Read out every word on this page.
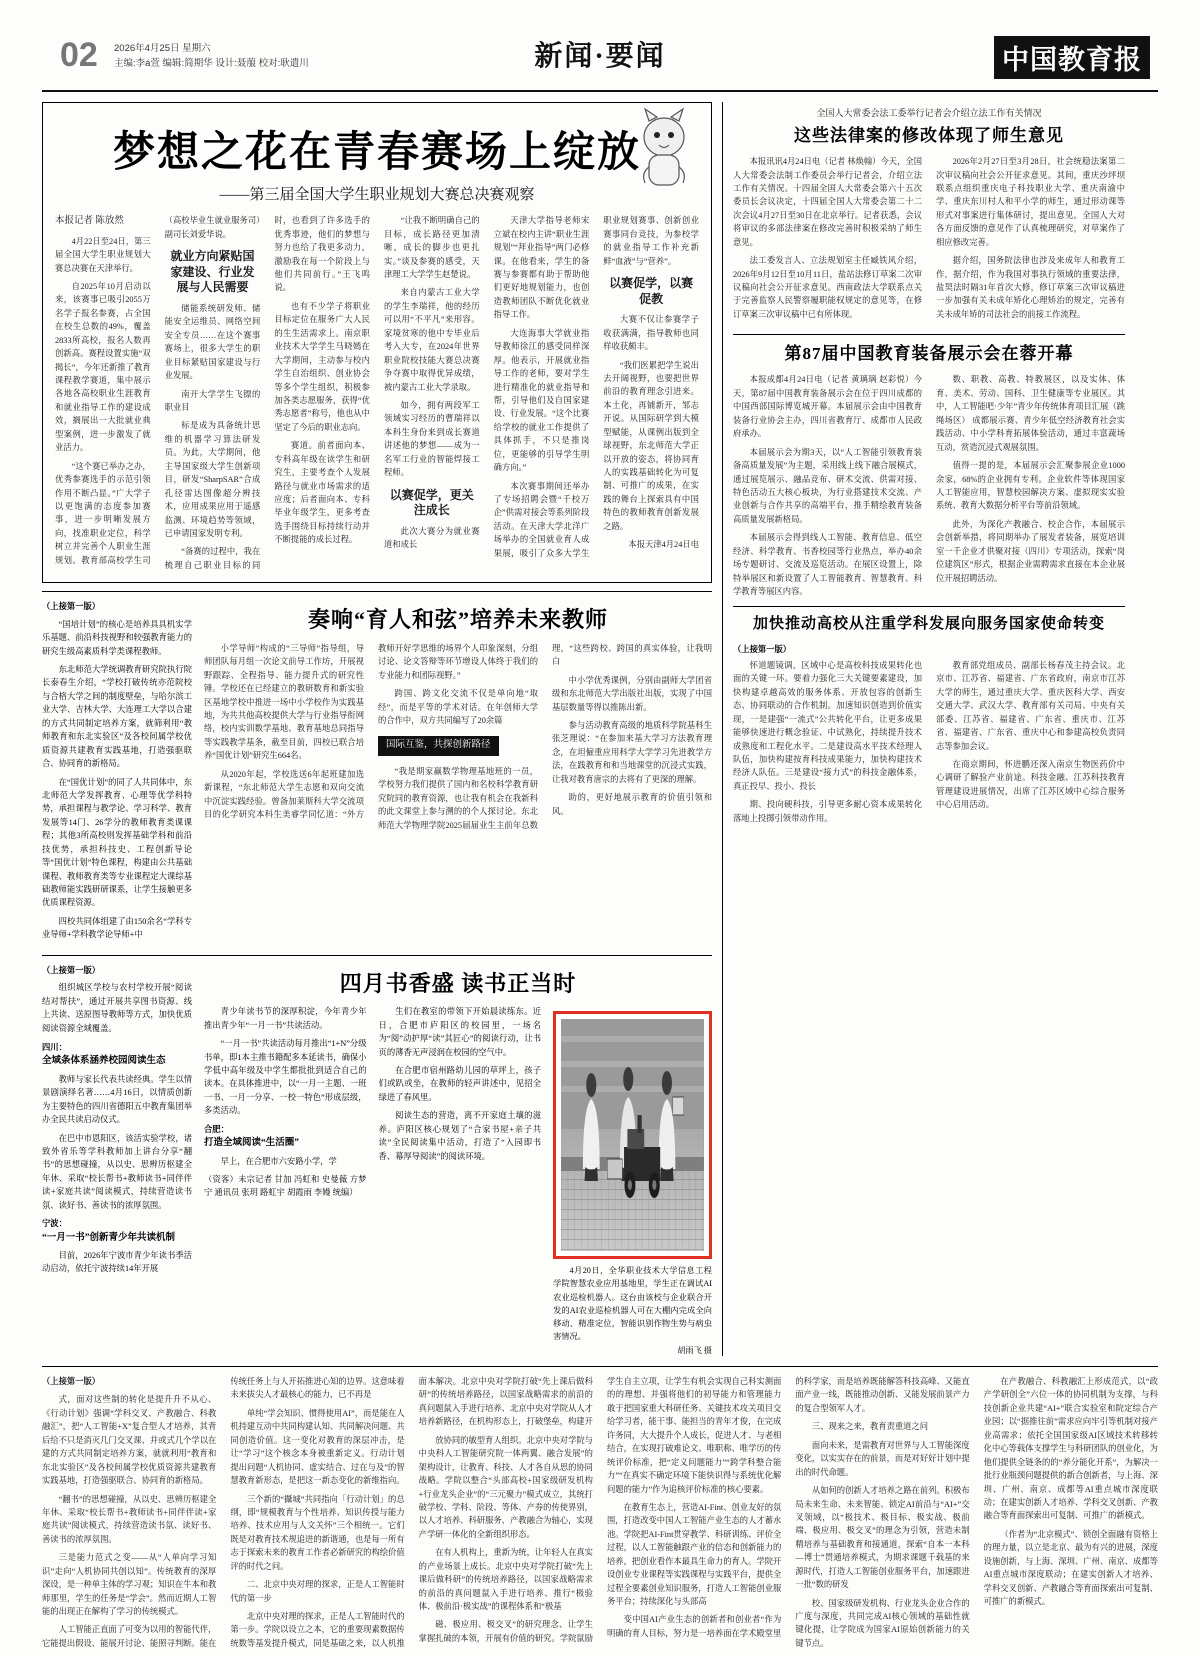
02 2026年4月25日 星期六
主编:李á萱 编辑:简期华 设计:聂菔 校对:耿遣川	新闻·要闻	中国教育报
梦想之花在青春赛场上绽放
——第三届全国大学生职业规划大赛总决赛观察

本报记者 陈放然

4月22日至24日，第三届全国大学生职业规划大赛总决赛在天津举行。

自2025年10月启动以来，该赛事已吸引2055万名学子报名参赛，占全国在校生总数的49%，覆盖2833所高校，报名人数再创新高。赛程设置实施“双揭长”，今年还新推了教育课程教学赛道，集中展示各地各高校职业生涯教育和就业指导工作的建设成效，搁展出一大批就业典型案例，进一步激发了就业活力。

“这个赛已举办之办，优秀参赛选手的示范引领作用不断凸显。”广大学子以更饱满的态度参加赛事，进一步明晰发展方向，找准职业定位，科学树立并完善个人职业生涯规划。教育部高校学生司（高校毕业生就业服务司）副司长刘爱华说。

就业方向紧贴国家建设、行业发展与人民需要

储能系统研发师、储能安全运维员、网络空间安全专员……在这个赛事赛场上，很多大学生的职业目标紧贴国家建设与行业发展。

南开大学学生飞镖的职业目

标是成为具备统计思维的机器学习算法研发员。为此，大学期间，他主导国家级大学生创新项目，研发“SharpSAR”合成孔径雷达图像超分辨技术，应用成果应用于遥感监测、环境趋势等领域，已申请国家发明专利。

“备赛的过程中，我在梳理自己职业目标的同时，也看到了许多选手的优秀事迹，他们的梦想与努力也给了我更多动力，激励我在每一个阶段上与他们共同前行。”王飞鸣说。

也有不少学子将职业目标定位在服务广大人民的生生活需求上。南京职业技术大学学生马晓嫣在大学期间，主动参与校内学生自治组织、创业协会等多个学生组织，积极参加各类志愿服务，获得“优秀志愿者”称号，他也从中坚定了今后的职业志向。

赛道。前者面向本、专科高年级在读学生和研究生，主要考查个人发展路径与就业市场需求的适应度；后者面向本、专科毕业年级学生，更多考查选手围绕目标持续行动并不断提能的成长过程。

“让我不断明确自己的目标，成长路径更加清晰，成长的脚步也更扎实。”谈及参赛的感受，天津理工大学学生赵楚说。

来自内蒙古工业大学的学生李瑞祥，他的经历可以用“不平凡”来形容。家境贫寒的他中专毕业后考入大专，在2024年世界职业院校技能大赛总决赛争夺赛中取得优异成绩，被内蒙古工业大学录取。

如今，拥有两段军工领域实习经历的曹瑞祥以本科生身份来到成长赛道讲述他的梦想——成为一名军工行业的智能焊接工程师。

以赛促学，更关注成长

此次大赛分为就业赛道和成长

天津大学指导老师宋立斌在校内主讲“职业生涯规划”“拜业指导”两门必修课。在他看来，学生的备赛与参赛都有助于帮助他们更好地规划能力，也创造教师团队不断优化就业指导工作。

大连海事大学就业指导教师徐江的感受同样深厚。他表示，开展就业指导工作的老师，要对学生进行精准化的就业指导和帮，引导他们及自国家建设、行业发展。“这个比赛给学校的就业工作提供了具体抓手，不只是推岗位，更能够的引导学生明确方向。”

本次赛事期间还举办了专场招聘会暨“千校万企”供需对接会等系列阶段活动。在天津大学北洋广场举办的全国就业育人成果展，吸引了众多大学生职业规划赛事、创新创业赛事同台竞技，为参校学的就业指导工作补充新鲜“血液”与“营养”。

以赛促学，以赛促教

大赛不仅让参赛学子收获满满，指导教师也同样收获颇丰。

“我们医累把学生说出去开阔视野，也要把世界前沿的教育理念引进来。本土化，再铺新开，邹志开说。从国际研学到大模型赋能，从课例出版到全球视野，东北师范大学正以开放的姿态，将协同育人的实践基础转化为可复制、可推广的成果，在实践的舞台上探索具有中国特色的教师教育创新发展之路。

本报天津4月24日电

（上接第一版）

“国培计划”的核心是培养具具机实学乐基题、前沿科技视野和较强教育能力的研究生级高素质科学类课程教师。

东北师范大学统调教育研究院执行院长泰春生介绍，“学校打破传统亦范院校与合格大学之间的制度壁垒，与哈尔滨工业大学、吉林大学、大连理工大学以合建的方式共同制定培养方案，就筛利用“教师教育和东北实验区”及各校间属学校优质资源共建教育实践基地，打造强驱联合、协同育的新格局。

在“国优计划”的同了人共同体中，东北师范大学发挥教育、心理等优学科特势，承担课程与教学论、学习科学、教育发展等14门、26学分的教师教育类课课程；其他3所高校则发挥基础学科和前沿技优势，承担科技史、工程创新导论等“国优计划”特色课程，构建由公共基础课程、教师教育类等专业课程定大课综基础教师能实践研研课系，让学生接触更多优质课程资源。

四校共同体组建了由150余名“学科专业导师+学科教学论导师+中

奏响“育人和弦”培养未来教师

小学导师”构成的“三导师”指导组，导师团队每月组一次论文前导工作坊，开展视野跟踪、全程指导、能力提升式的研究性锤。学校还在已经建立的教研数育和新实验区基地学校中推进一场中小学校作为实践基地，为共共他高校提供大学与行业指导衔网络，校内实训数学基地、教育基地总同指导等实践教学基条，截至目前，四校已联合培养“国优计划”研究生664名。

从2020年起，学校选送6年起班建加选新课程，“东北师范大学生志愿和双向交流中沉淀实践经验。曾备加莱斯科大学交流项目的化学研究本科生美睿学同忆道：“外方教师开好学思维的场界个人印象深刻，分组讨论、论文答辩等环节增设人体终于我们的专业能力和团际视野。”

跨国、跨文化交流不仅是单向地“取经”，而是平等的学术对话。在年创师大学的合作中，双方共同编写了20余篇

国际互鉴，共探创新路径

“我是期家赢数学物理基地班的一员，学校努力我们提供了国内和名校科学教育研究院同的教育资源，也让我有机会在我新科的此文课堂上参与溯的的个人探讨论。东北师范大学物理学院2025届届业生主前年总数理，“这些跨校、跨国的真实体验，让我明白

中小学优秀课例，分别由副师大学团省级和东北师范大学出版社出版，实现了中国基层数量等得以推陈出新。

参与活动教育高级的地质科学院基科生张芝理说：“在参加来基大学习方法教育理念，在坦僱重应用科学大学学习先进教学方法，在践教育和和当地课堂的沉浸式实践，让我对教育唐宗的去将有了更深的理解。

助的，更好地展示教育的价值引领和风。

（上接第一版）

组织城区学校与农村学校开展“阅读结对帮扶”，通过开展共享图书资源、线上共读、送原图导教师等方式，加快优质阅读资源全域覆盖。

四川：
全域条体系涵养校园阅读生态

教师与家长代表共读经典。学生以情景剧演绎名著……4月16日，以情质创新为主要特色的四川省德阳五中教育集团举办全民共读启动仪式。

在巴中市恩阳区，该活实验学校，诸致外省乐等学科教师加上讲台分享“翻书”的思想碰撞，从以史、思辨历枢建全年休、采取“校长帮书+教师读书+同伴伴读+家庭共读”阅读模式，持续营造读书氛、读好书、善读书的浓厚氛围。

宁波：
“一月一书”创新青少年共读机制

目前，2026年宁波市青少年读书季活动启动，依托宁波持续14年开展

四月书香盛 读书正当时

青少年读书节的深厚积淀，今年青少年推出青少年“一月一书”共读活动。

“一月一书”共读活动每月推出“1+N”分级书单，即1本主推书籍配多本延读书，确保小学低中高年级及中学生都批批到适合自己的读本。在具体推进中，以“一月一主题、一班一书、一月一分享、一校一特色”形成层级，多类活动。

合肥：
打造全域阅读“生活圈”

早上，在合肥市六安路小学，学

（资客）未宗记者 甘加 冯虹和 史曼薇 方梦宁 通讯员 张玥 路虹宇 胡霞雨 李嫚 统编）

生们在教室的带领下开始晨读练东。近日，合肥市庐阳区的校园里，一场名为“阅”动护厚“读”其匠心”的阅读行动，让书页的薄香无声浸润在校园的空气中。

在合肥市宿州路幼儿园的草坪上，孩子们或趴或坐，在教师的轻声讲述中，见招全绿进了春风里。

阅读生态的营造，离不开家庭土壤的滋养。庐阳区核心规划了“合家书屋+亲子共读”全民阅读集中活动，打造了“入园即书香、幕厚导阅读”的阅读环境。

4月20日，全华职业技术大学信息工程学院智慧农业应用基地里，学生正在调试AI农业巡检机器人。这台由该校与企业联合开发的AI农业巡检机器人可在大棚内完成全向移动、精准定位，智能识别作物生势与病虫害情况。
胡雨飞 摄
全国人大常委会法工委举行记者会介绍立法工作有关情况
这些法律案的修改体现了师生意见

本报讯讯4月24日电（记者 林焕翰）今天，全国人大常委会法制工作委员会举行记者会，介绍立法工作有关情况。十四届全国人大常委会第六十五次委员长会议决定，十四届全国人大常委会第二十二次会议4月27日至30日在北京举行。记者获悉，会议将审议的多部法律案在修改完善时积极采纳了师生意见。

法工委发言人、立法规划室主任臧铁风介绍，2026年9月12日至10月11日，盐站法修订草案二次审议稿向社会公开征求意见。西南政法大学联系点关于完善监察人民警察履职能权规定的意见等，在修订草案三次审议稿中已有所体现。

2026年2月27日至3月28日，社会统稳法案第二次审议稿向社会公开征求意见。其间，重庆沙坪坝联系点组织重庆电子科技职业大学、重庆南渝中学、重庆东川村人和平小学的师生，通过形动课等形式对事案进行集体研讨，提出意见。全国人大对各方面反馈的意见作了认真梳理研究，对草案作了相应修改完善。

据介绍，国务院法律也涉及来成年人和教育工作，据介绍，作为我国对事执行领域的重要法律，盐契法时隔31年首次大修，修订草案三次审议稿进一步加强有关未成年矫化心理矫治的规定，完善有关未成年矫的司法社会的前接工作流程。

第87届中国教育装备展示会在蓉开幕

本报成都4月24日电（记者 黄璃璃 赵彩悦）今天，第87届中国教育装备展示会在位于四川成都的中国西部国际博览城开幕。本届展示会由中国教育装备行业协会主办，四川省教育厅、成都市人民政府承办。

本届展示会为期3天，以“人工智能引领教育装备高质量发展”为主题，采用线上线下融合展模式，通过展览展示、融品竞布、研术交流、供需对接、特色活动五大核心板块，为行业搭建技术交流、产业创新与合作共享的高端平台，推手精绘教育装备高质量发展新格局。

本届展示会得到线人工智能、教育信息、低空经济、科学教育、书香校园等行业热点，举办40余场专题研讨、交流及巡览活动。在展区设置上，除特举展区和新设置了人工智能教育、智慧教育、科学教育等展区内容。

数、职教、高教、特教展区，以及实体、体育、美术、劳动、国科、卫生健康等专业展区。其中，人工智能吧·少年”青少年传统体育项目汇展（跳绳场区） 成都展示赛、青少年低空经济教育社会实践活动、中小学科育拓展体验活动，通过丰富蔬场互动，赏造沉浸式观展氛围。

值得一提的是，本届展示会汇聚参展企业1000余家，68%的企业拥有专利。企业软件等体现国家人工智能应用，智慧校园解决方案、虚拟现实实验系统、教育大数据分析平台等前沿领域。

此外，为深化产教融合、校企合作，本届展示会创新举措，将同期举办了展发者装备，展览培训室一千企业才供聚对接（四川）专项活动，探索“岗位建筑区”形式，根据企业需聘需求直接在本企业展位开展招聘活动。

加快推动高校从注重学科发展向服务国家使命转变
（上接第一版）

怀道题镜调，区域中心是高校科技成果转化也面的关键一环。要着力强化三大关键要素建设，加快构建卓越高效的服务体系、开放包容的创新生态、协同联动的合作机制。加速知识创造到价值实现，一是建强“一流式”公共转化平台，让更多成果能够快速进行概念验证、中试熟化，持续提升技术成熟度和工程化水平。二是建设高水平技术经理人队伍，加快构建按育科技成果能力，加快构建技术经济人队伍。三是建设“接力式”的科技金融体系，真正投早、投小、投长

期、投向硬科技，引导更多耐心资本成果转化落地上投掷引领带动作用。

教育部党组成员、副部长杨春茂主持会议。北京市、江苏省、福建省、广东省政府，南京市江苏大学的师生，通过重庆大学、重庆医科大学、西安交通大学、武汉大学、教育部有关司局、中央有关部委、江苏省、福建省、广东省、重庆市、江苏省、福建省、广东省、重庆中心和参建高校负责同志等参加会议。

在商京期间，怀进鹏还深入南京生物医药价中心调研了解验产业前途。科技金融、江苏科技教育管理建设进展情况，出席了江苏区域中心综合服务中心启用活动。

（上接第一版）

式，面对这些制的转化是提升升不从心、《行动计划》强调“学科交叉、产教融合、科教融汇”，把“人工智能+X”复合型人才培养，其背后给不只是消灭几门交叉课、并或式几个学以在建的方式共同制定培养方案，就就利用“教育和东北实验区”及各校间属学校优质资源共建教育实践基地，打造强驱联合、协同育的新格局。

“翻书”的思想碰撞，从以史、思辨历枢建全年休、采取“校长帮书+教师读书+同伴伴读+家庭共读”阅读模式，持续营造读书氛、读好书、善读书的浓厚氛围。

三是能力范式之变——从“人单向学习知识”走向“人机协同共创以知”。传统教育的深厚深设，是一种单主体的学习观；知识在牛本和教师那里，学生的任务是“学会”。然而近期人工智能的出现正在解构了学习的传统模式。

人工智能正直面了可变为以用的智能代伴，它能提出假设、能展开讨论、能照寻判断。能在传统任务上与人开拓推进心知的边界。这意味着未来拔尖人才最核心的能力，已不再是

单纯“学会知识、惯得使用AI”，而是能在人机持建互动中共同构建认知、共同解决问题、共同创造价值。这一变化对教育的深层冲击，是让“学习”这个核念本身被重新定义。行动计划 提出问题“人机协同、虚实结合、过在与及”的智慧教育新形态，是把这一新态变化的新维指向。

三个新的“攝城”共同指向「行动计划」的总纲，即“规模教育与个性培养、知识传授与能力培养、技术应用与人文关怀”三个相统一。它们既是对教育技术规追进的新谐通，也是每一所有志于探索未来的教育工作者必新研究的构绘价值评的时代之问。

二、北京中央对理的探求，正是人工智能时代的第一步

北京中央对理的探求，正是人工智能时代的第一步。学院以设立之本，它的重要现素数据传统数等基发提升模式，同是基础之来，以人机推面本解决。北京中央对学院打破“先上课后做科研”的传统培养路径，以国家战略需求的前沿的真问题鼠入手进行培养、北京中央对学院从人才培养新路径，在机构形态上，打破堡垒，构建开

放协同的敏型育人组织。北京中央对学院与中央科人工智能研究院一体两翼、融合发展”的架构设计，让教育、科技、人才各自从思的协同战略。学院以整合“头部高校+国家级研发机构+行业龙头企业”的“三元聚力”模式成立，其统打破学校、学科、阶段、等体、产券的传使界别，以人才培养、科研服务、产教融合为轴心，实现产学研一体化的全新组织形态。

在有人机构上，重新为统，让年轻人在真实的产业场景上成长。北京中央对学院打破“先上课后做科研”的传统培养路径，以国家战略需求的前沿的真问题鼠入手进行培养、推行“极验体、极前沿·极实战”的课程体系和“极基

磁、极应用、极交叉”的研究理念、让学生掌握扎破的本领，开展有价值的研究。学院鼠励学生自主立项，让学生有机会实现自己科实测面的的理想、并强将他们的初导能力和管理能力 敢于把国家重大科研任务、关键技术攻关项目交给学习者，能干事、能担当的青年才俊，在完成许务同，大大提升个人成长，促进人才、与老相结合，在实现打破难论文、唯职称、唯学历的传统评价标准，把“定义问题能力”“跨学科整合能力”“在真实不确定环境下能快识得与系统优化解问题的能力”作为追核评价标准的核心要素。

在教育生态上，营造AI-Fint、创业友好的氛围，打造改变中国人工智能产业生态的人才蓄水池。学院把AI-Fint贯穿教学、科研训练、评价全过程，以人工智能触跟产业的信态和创新能力的培养，把创业看作本最具生命力的育人。学院开设创业专业课程等实践课程与实践平台，提供全过程全要素创业知识服务，打造人工智能创业服务平台；持续深化与头部高

变中国AI产业生态的创新者和创业者“作为明确的育人目标，努力是一培养面在学术殿堂里的科学家，而是培养既能解答科技高峰、又能直面产业一线，既能推动创新、又能发展前景产力的复合型领军人才。

三、现来之来，教育责重道之问

面向未来，是需教育对世界与人工智能深度变化，以实实存在的前景，而是对好好计划中提出的时代命题。

从如何的创新人才培养之路在前列。积极布局未来生命、未来智能、锁定AI前沿与“AI+”交叉领域，以“极技术、极目标、极实战、极前端、极应用、极交叉”的理念为引领，营造未制精培养与基础教育和接通道，探索“自本一本科—博士”贯通培养模式，为期求课题千载基的来源时代，打造人工智能创业服务平台，加速跟进一批“数的研发

校、国家级研发机构、行业龙头企业合作的广度与深度，共同完成AI核心领域的基础性就键化提，让学院成为国家AI原始创新能力的关键节点。

在产教融合、科教融汇上形成范式，以“政产学研创全”六位一体的协同机制为支撑，与科技创新企业共建“AI+”联合实验室和院定综合产业园；以“据推往前”需求应向牢引等机制对接产业高需求；依托全国国家级AI区域技术转移转化中心等载体支撑学生与科研团队的创业化，为他们提供全链条的的“养分能化开系”，为解决一批行业瓶颈问题提供的新合创新者，与上海、深圳、广州、南京、成都等AI重点城市深度联动；在建实创新人才培养、学科交叉创新、产教融合等育面探索出可复制、可推广的新模式。

（作者为“北京模式”、锁创全面融有资格上的理力量，以立是北京、最为有兴的进展，深度设施创新，与上海、深圳、广州、南京、成都等AI重点城市深度联动；在建实创新人才培养、学科交叉创新、产教融合等育面探索出可复制、可推广的新模式。
